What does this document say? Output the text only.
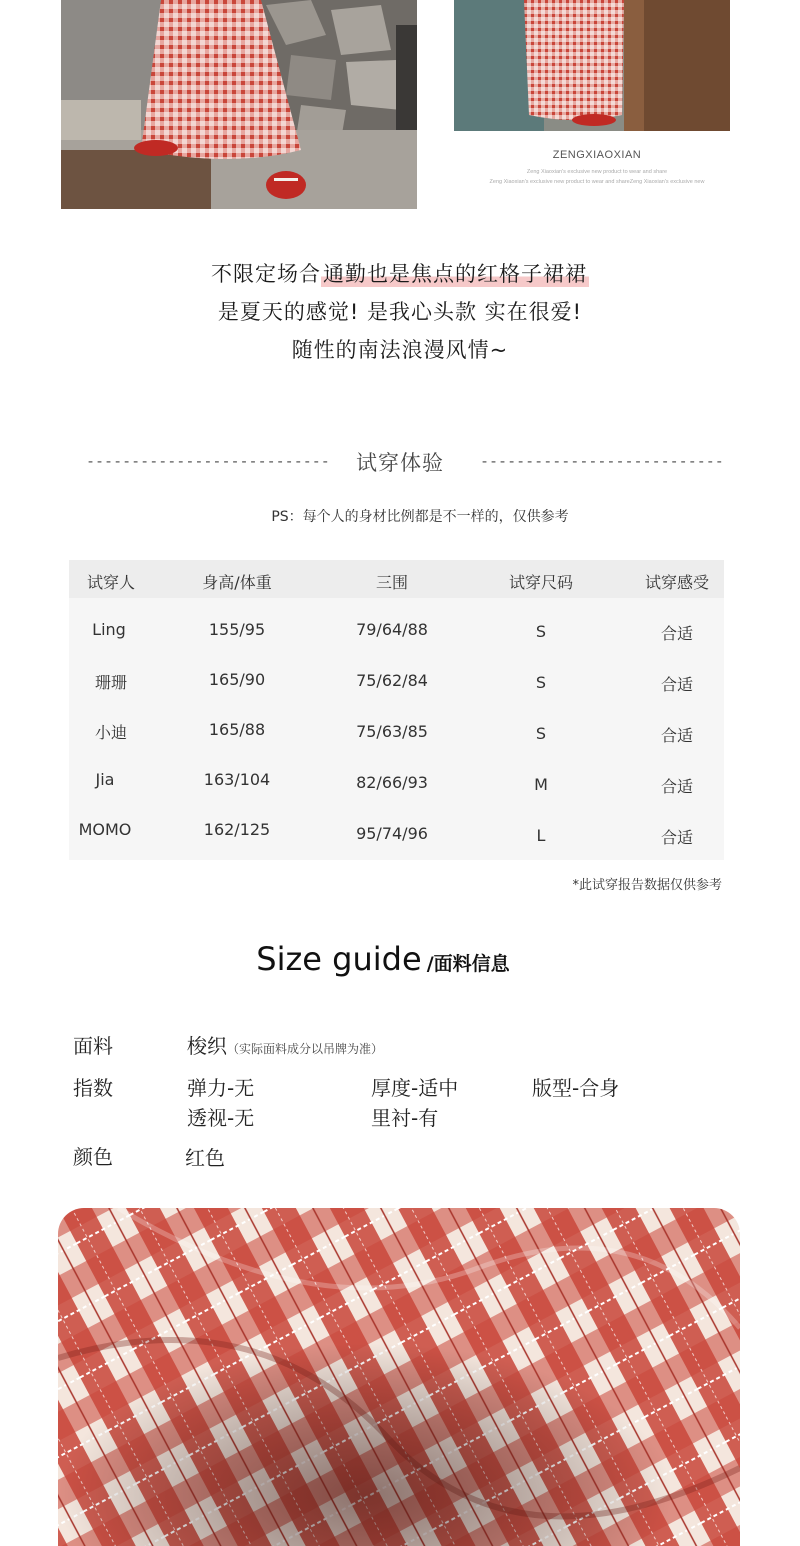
ZENGXIAOXIAN
Zeng Xiaoxian's exclusive new product to wear and share
Zeng Xiaoxian's exclusive new product to wear and shareZeng Xiaoxian's exclusive new
不限定场合通勤也是焦点的红格子裙裙
是夏天的感觉! 是我心头款 实在很爱!
随性的南法浪漫风情~
---------------------------	试穿体验	---------------------------
PS：每个人的身材比例都是不一样的，仅供参考
试穿人	身高/体重	三围	试穿尺码	试穿感受
Ling	155/95	79/64/88	S	合适
珊珊	165/90	75/62/84	S	合适
小迪	165/88	75/63/85	S	合适
Jia	163/104	82/66/93	M	合适
MOMO	162/125	95/74/96	L	合适
*此试穿报告数据仅供参考
Size guide /面料信息
面料	梭织（实际面料成分以吊牌为准）
指数	弹力-无	厚度-适中	版型-合身
透视-无	里衬-有
颜色	红色
